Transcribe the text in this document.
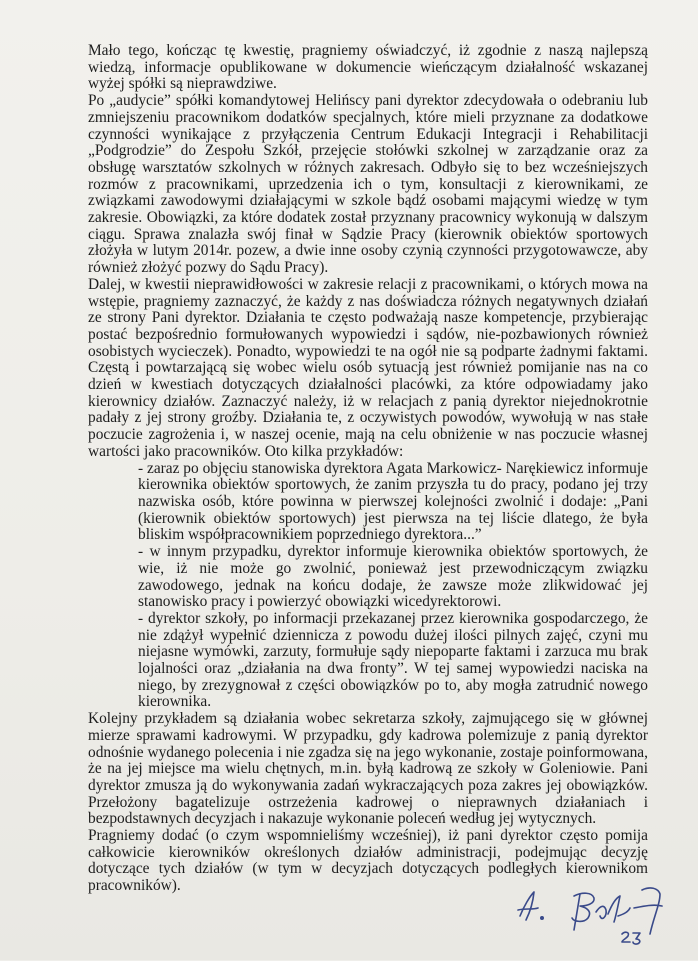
Mało tego, kończąc tę kwestię, pragniemy oświadczyć, iż zgodnie z naszą najlepszą wiedzą, informacje opublikowane w dokumencie wieńczącym działalność wskazanej wyżej spółki są nieprawdziwe.

Po „audycie” spółki komandytowej Helińscy pani dyrektor zdecydowała o odebraniu lub zmniejszeniu pracownikom dodatków specjalnych, które mieli przyznane za dodatkowe czynności wynikające z przyłączenia Centrum Edukacji Integracji i Rehabilitacji „Podgrodzie” do Zespołu Szkół, przejęcie stołówki szkolnej w zarządzanie oraz za obsługę warsztatów szkolnych w różnych zakresach. Odbyło się to bez wcześniejszych rozmów z pracownikami, uprzedzenia ich o tym, konsultacji z kierownikami, ze związkami zawodowymi działającymi w szkole bądź osobami mającymi wiedzę w tym zakresie. Obowiązki, za które dodatek został przyznany pracownicy wykonują w dalszym ciągu. Sprawa znalazła swój finał w Sądzie Pracy (kierownik obiektów sportowych złożyła w lutym 2014r. pozew, a dwie inne osoby czynią czynności przygotowawcze, aby również złożyć pozwy do Sądu Pracy).

Dalej, w kwestii nieprawidłowości w zakresie relacji z pracownikami, o których mowa na wstępie, pragniemy zaznaczyć, że każdy z nas doświadcza różnych negatywnych działań ze strony Pani dyrektor. Działania te często podważają nasze kompetencje, przybierając postać bezpośrednio formułowanych wypowiedzi i sądów, nie-pozbawionych również osobistych wycieczek). Ponadto, wypowiedzi te na ogół nie są podparte żadnymi faktami. Częstą i powtarzającą się wobec wielu osób sytuacją jest również pomijanie nas na co dzień w kwestiach dotyczących działalności placówki, za które odpowiadamy jako kierownicy działów. Zaznaczyć należy, iż w relacjach z panią dyrektor niejednokrotnie padały z jej strony groźby. Działania te, z oczywistych powodów, wywołują w nas stałe poczucie zagrożenia i, w naszej ocenie, mają na celu obniżenie w nas poczucie własnej wartości jako pracowników. Oto kilka przykładów:

- zaraz po objęciu stanowiska dyrektora Agata Markowicz- Narękiewicz informuje kierownika obiektów sportowych, że zanim przyszła tu do pracy, podano jej trzy nazwiska osób, które powinna w pierwszej kolejności zwolnić i dodaje: „Pani (kierownik obiektów sportowych) jest pierwsza na tej liście dlatego, że była bliskim współpracownikiem poprzedniego dyrektora...”

- w innym przypadku, dyrektor informuje kierownika obiektów sportowych, że wie, iż nie może go zwolnić, ponieważ jest przewodniczącym związku zawodowego, jednak na końcu dodaje, że zawsze może zlikwidować jej stanowisko pracy i powierzyć obowiązki wicedyrektorowi.

- dyrektor szkoły, po informacji przekazanej przez kierownika gospodarczego, że nie zdążył wypełnić dziennicza z powodu dużej ilości pilnych zajęć, czyni mu niejasne wymówki, zarzuty, formułuje sądy niepoparte faktami i zarzuca mu brak lojalności oraz „działania na dwa fronty”. W tej samej wypowiedzi naciska na niego, by zrezygnował z części obowiązków po to, aby mogła zatrudnić nowego kierownika.

Kolejny przykładem są działania wobec sekretarza szkoły, zajmującego się w głównej mierze sprawami kadrowymi. W przypadku, gdy kadrowa polemizuje z panią dyrektor odnośnie wydanego polecenia i nie zgadza się na jego wykonanie, zostaje poinformowana, że na jej miejsce ma wielu chętnych, m.in. byłą kadrową ze szkoły w Goleniowie. Pani dyrektor zmusza ją do wykonywania zadań wykraczających poza zakres jej obowiązków. Przełożony bagatelizuje ostrzeżenia kadrowej o nieprawnych działaniach i bezpodstawnych decyzjach i nakazuje wykonanie poleceń według jej wytycznych.

Pragniemy dodać (o czym wspomnieliśmy wcześniej), iż pani dyrektor często pomija całkowicie kierowników określonych działów administracji, podejmując decyzję dotyczące tych działów (w tym w decyzjach dotyczących podległych kierownikom pracowników).
